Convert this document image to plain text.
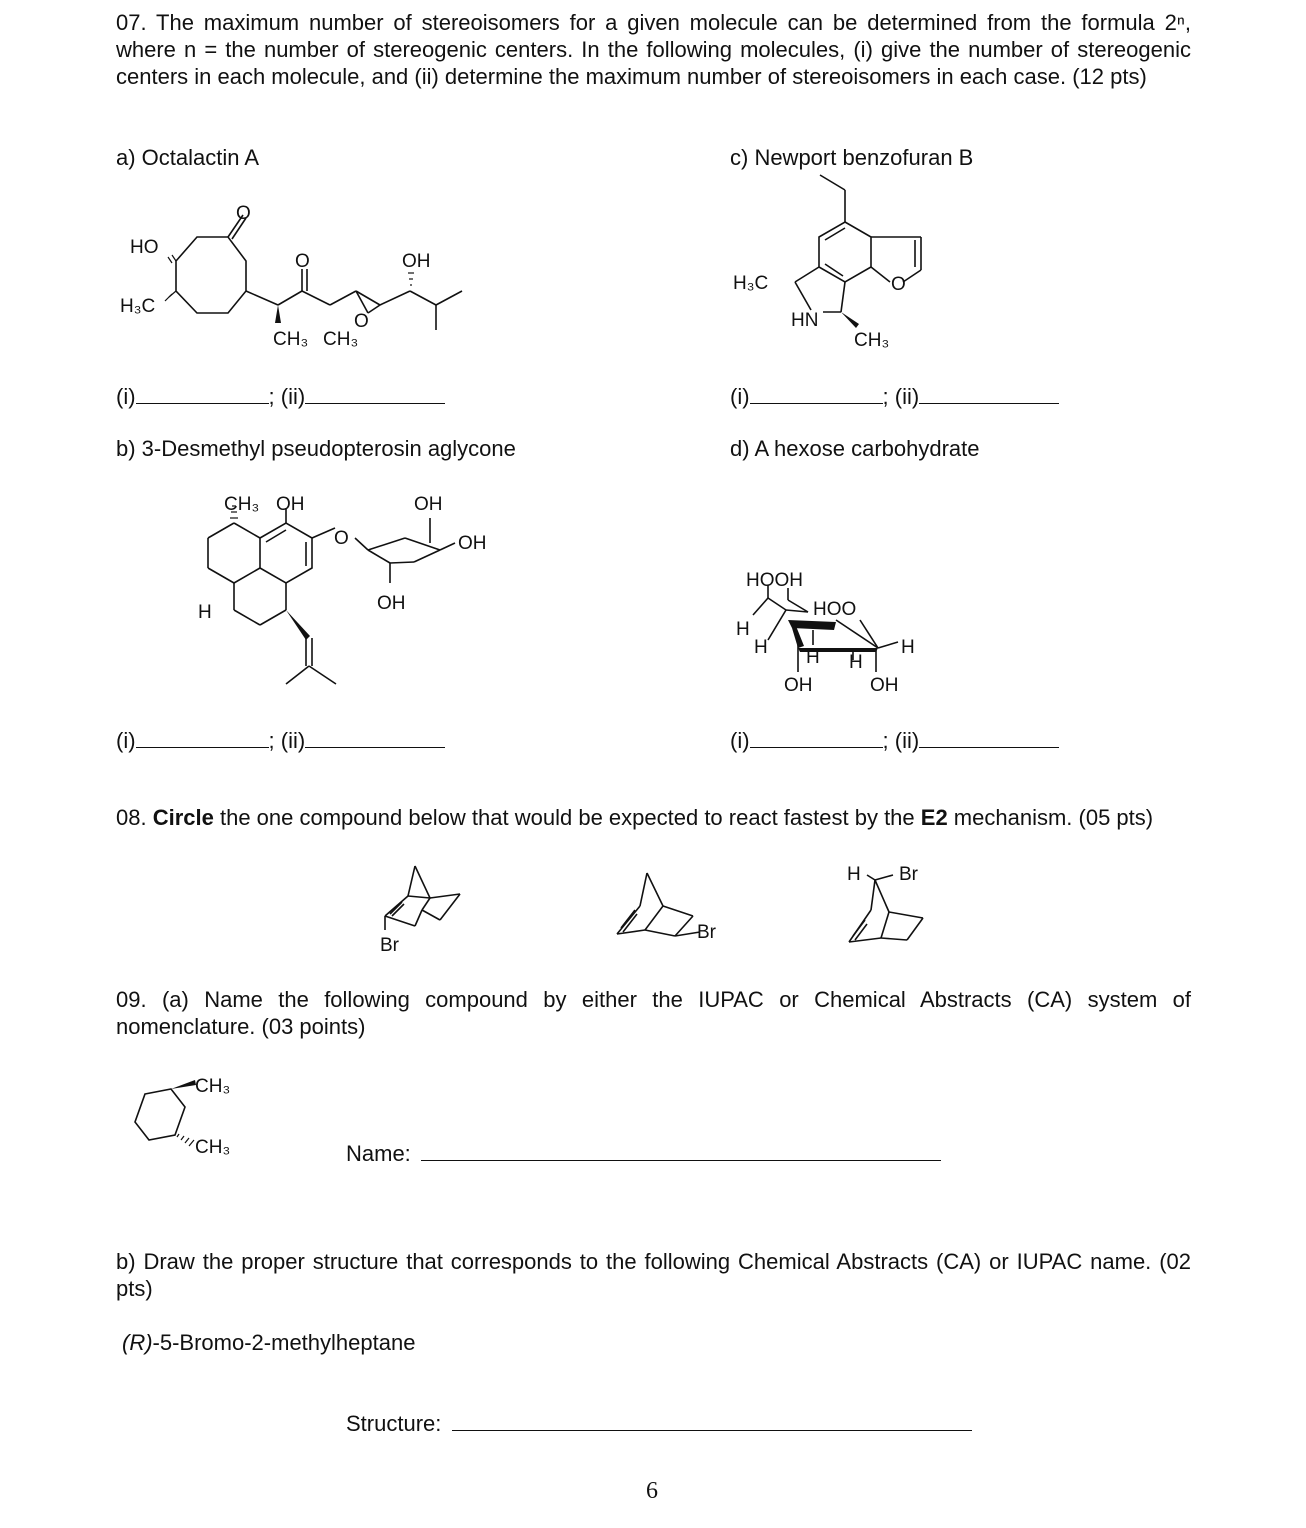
07. The maximum number of stereoisomers for a given molecule can be determined from the formula 2ⁿ, where n = the number of stereogenic centers. In the following molecules, (i) give the number of stereogenic centers in each molecule, and (ii) determine the maximum number of stereoisomers in each case. (12 pts)
a) Octalactin A	c) Newport benzofuran B
b) 3-Desmethyl pseudopterosin aglycone	d) A hexose carbohydrate
(i)	; (ii)	(i)	; (ii)
(i)	; (ii)	(i)	; (ii)
HO
H₃C
O
O	OH
O
CH₃ CH₃
H₃C
HN
O
CH₃
CH₃ OH	OH
O	OH
OH
H
HOOH
HOO
H
H H H
H
OH	OH
08. Circle the one compound below that would be expected to react fastest by the E2 mechanism. (05 pts)
Br
Br
H Br
09. (a) Name the following compound by either the IUPAC or Chemical Abstracts (CA) system of nomenclature. (03 points)
CH₃
CH₃	Name:
b) Draw the proper structure that corresponds to the following Chemical Abstracts (CA) or IUPAC name. (02 pts)
(R)-5-Bromo-2-methylheptane
Structure:
6
